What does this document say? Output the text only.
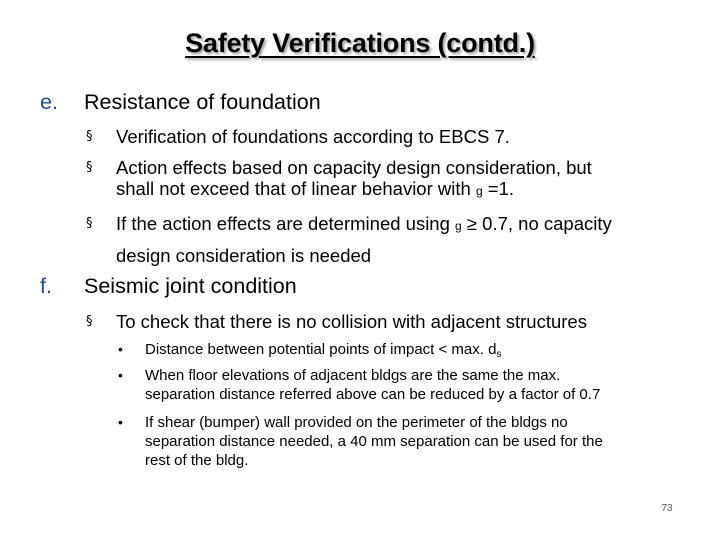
Safety Verifications (contd.)
e. Resistance of foundation
§ Verification of foundations according to EBCS 7.
§ Action effects based on capacity design consideration, but
shall not exceed that of linear behavior with g =1.
§ If the action effects are determined using g ≥ 0.7, no capacity
design consideration is needed
f. Seismic joint condition
§ To check that there is no collision with adjacent structures
• Distance between potential points of impact < max. $d_s$
• When floor elevations of adjacent bldgs are the same the max.
separation distance referred above can be reduced by a factor of 0.7
• If shear (bumper) wall provided on the perimeter of the bldgs no
separation distance needed, a 40 mm separation can be used for the
rest of the bldg.
73
